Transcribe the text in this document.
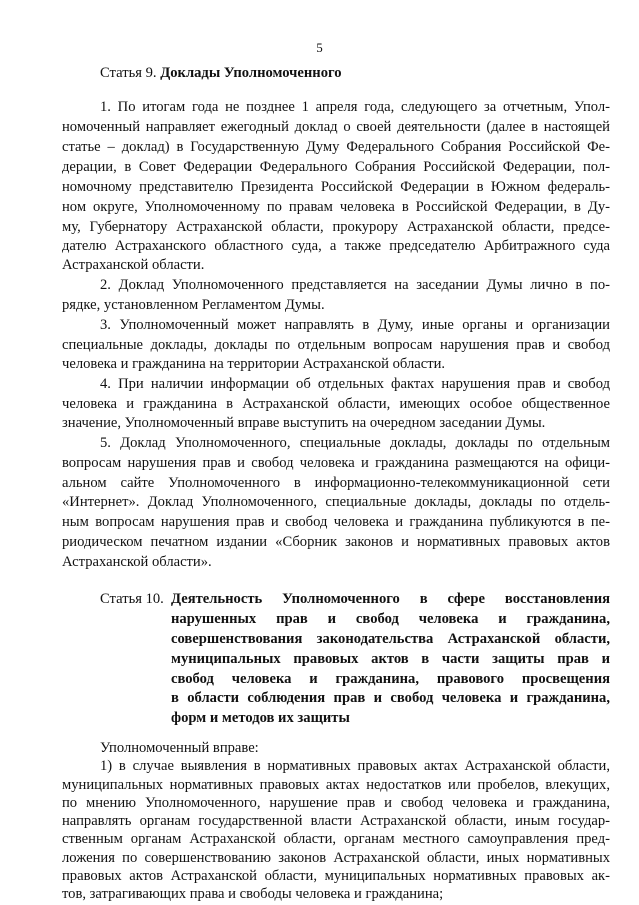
5
Статья 9. Доклады Уполномоченного
1. По итогам года не позднее 1 апреля года, следующего за отчетным, Упол-
номоченный направляет ежегодный доклад о своей деятельности (далее в настоящей
статье – доклад) в Государственную Думу Федерального Собрания Российской Фе-
дерации, в Совет Федерации Федерального Собрания Российской Федерации, пол-
номочному представителю Президента Российской Федерации в Южном федераль-
ном округе, Уполномоченному по правам человека в Российской Федерации, в Ду-
му, Губернатору Астраханской области, прокурору Астраханской области, предсе-
дателю Астраханского областного суда, а также председателю Арбитражного суда
Астраханской области.
2. Доклад Уполномоченного представляется на заседании Думы лично в по-
рядке, установленном Регламентом Думы.
3. Уполномоченный может направлять в Думу, иные органы и организации
специальные доклады, доклады по отдельным вопросам нарушения прав и свобод
человека и гражданина на территории Астраханской области.
4. При наличии информации об отдельных фактах нарушения прав и свобод
человека и гражданина в Астраханской области, имеющих особое общественное
значение, Уполномоченный вправе выступить на очередном заседании Думы.
5. Доклад Уполномоченного, специальные доклады, доклады по отдельным
вопросам нарушения прав и свобод человека и гражданина размещаются на офици-
альном сайте Уполномоченного в информационно-телекоммуникационной сети
«Интернет». Доклад Уполномоченного, специальные доклады, доклады по отдель-
ным вопросам нарушения прав и свобод человека и гражданина публикуются в пе-
риодическом печатном издании «Сборник законов и нормативных правовых актов
Астраханской области».
Статья 10. Деятельность Уполномоченного в сфере восстановления
нарушенных прав и свобод человека и гражданина,
совершенствования законодательства Астраханской области,
муниципальных правовых актов в части защиты прав и
свобод человека и гражданина, правового просвещения
в области соблюдения прав и свобод человека и гражданина,
форм и методов их защиты
Уполномоченный вправе:
1) в случае выявления в нормативных правовых актах Астраханской области,
муниципальных нормативных правовых актах недостатков или пробелов, влекущих,
по мнению Уполномоченного, нарушение прав и свобод человека и гражданина,
направлять органам государственной власти Астраханской области, иным государ-
ственным органам Астраханской области, органам местного самоуправления пред-
ложения по совершенствованию законов Астраханской области, иных нормативных
правовых актов Астраханской области, муниципальных нормативных правовых ак-
тов, затрагивающих права и свободы человека и гражданина;
